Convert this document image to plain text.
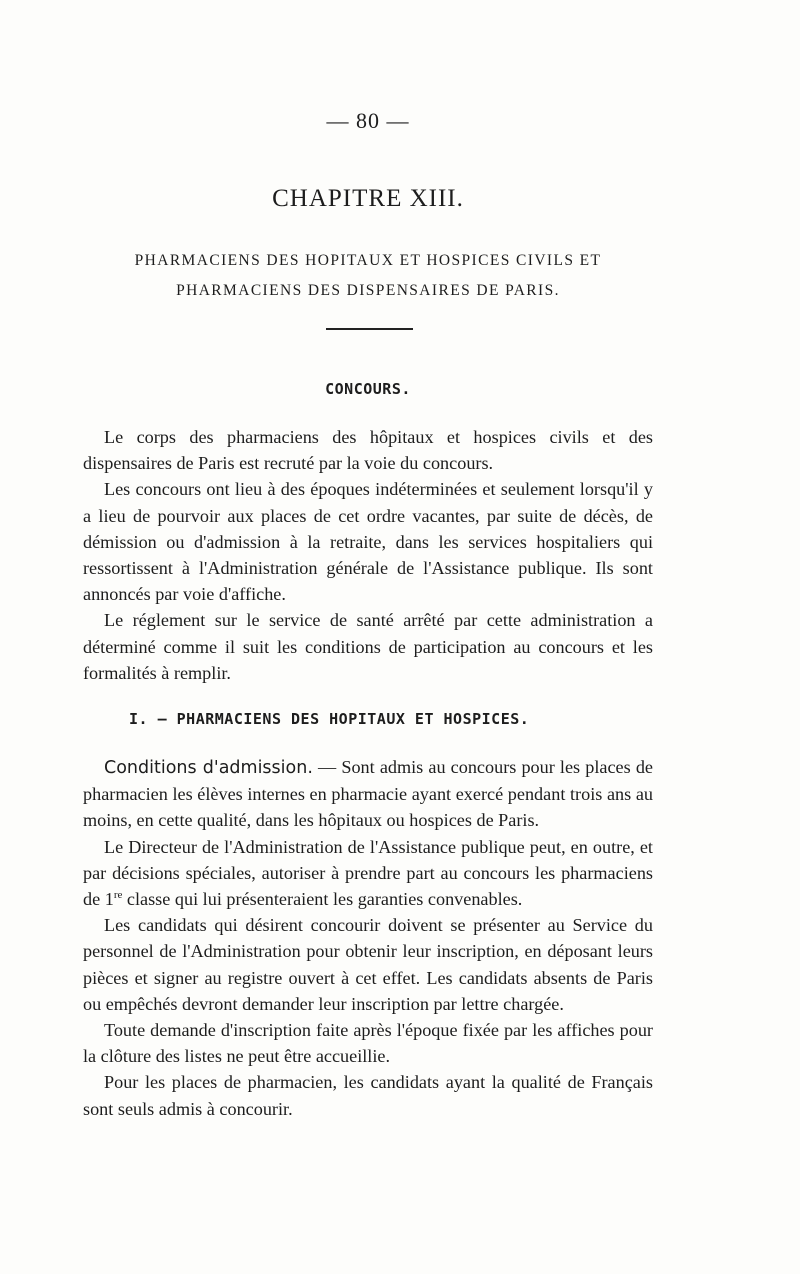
— 80 —
CHAPITRE XIII.
PHARMACIENS DES HOPITAUX ET HOSPICES CIVILS ET
PHARMACIENS DES DISPENSAIRES DE PARIS.
CONCOURS.

Le corps des pharmaciens des hôpitaux et hospices civils et des dispensaires de Paris est recruté par la voie du concours.

Les concours ont lieu à des époques indéterminées et seulement lorsqu'il y a lieu de pourvoir aux places de cet ordre vacantes, par suite de décès, de démission ou d'admission à la retraite, dans les services hospitaliers qui ressortissent à l'Administration générale de l'Assistance publique. Ils sont annoncés par voie d'affiche.

Le réglement sur le service de santé arrêté par cette administration a déterminé comme il suit les conditions de participation au concours et les formalités à remplir.

I. — PHARMACIENS DES HOPITAUX ET HOSPICES.

Conditions d'admission. — Sont admis au concours pour les places de pharmacien les élèves internes en pharmacie ayant exercé pendant trois ans au moins, en cette qualité, dans les hôpitaux ou hospices de Paris.

Le Directeur de l'Administration de l'Assistance publique peut, en outre, et par décisions spéciales, autoriser à prendre part au concours les pharmaciens de 1re classe qui lui présenteraient les garanties convenables.

Les candidats qui désirent concourir doivent se présenter au Service du personnel de l'Administration pour obtenir leur inscription, en déposant leurs pièces et signer au registre ouvert à cet effet. Les candidats absents de Paris ou empêchés devront demander leur inscription par lettre chargée.

Toute demande d'inscription faite après l'époque fixée par les affiches pour la clôture des listes ne peut être accueillie.

Pour les places de pharmacien, les candidats ayant la qualité de Français sont seuls admis à concourir.
